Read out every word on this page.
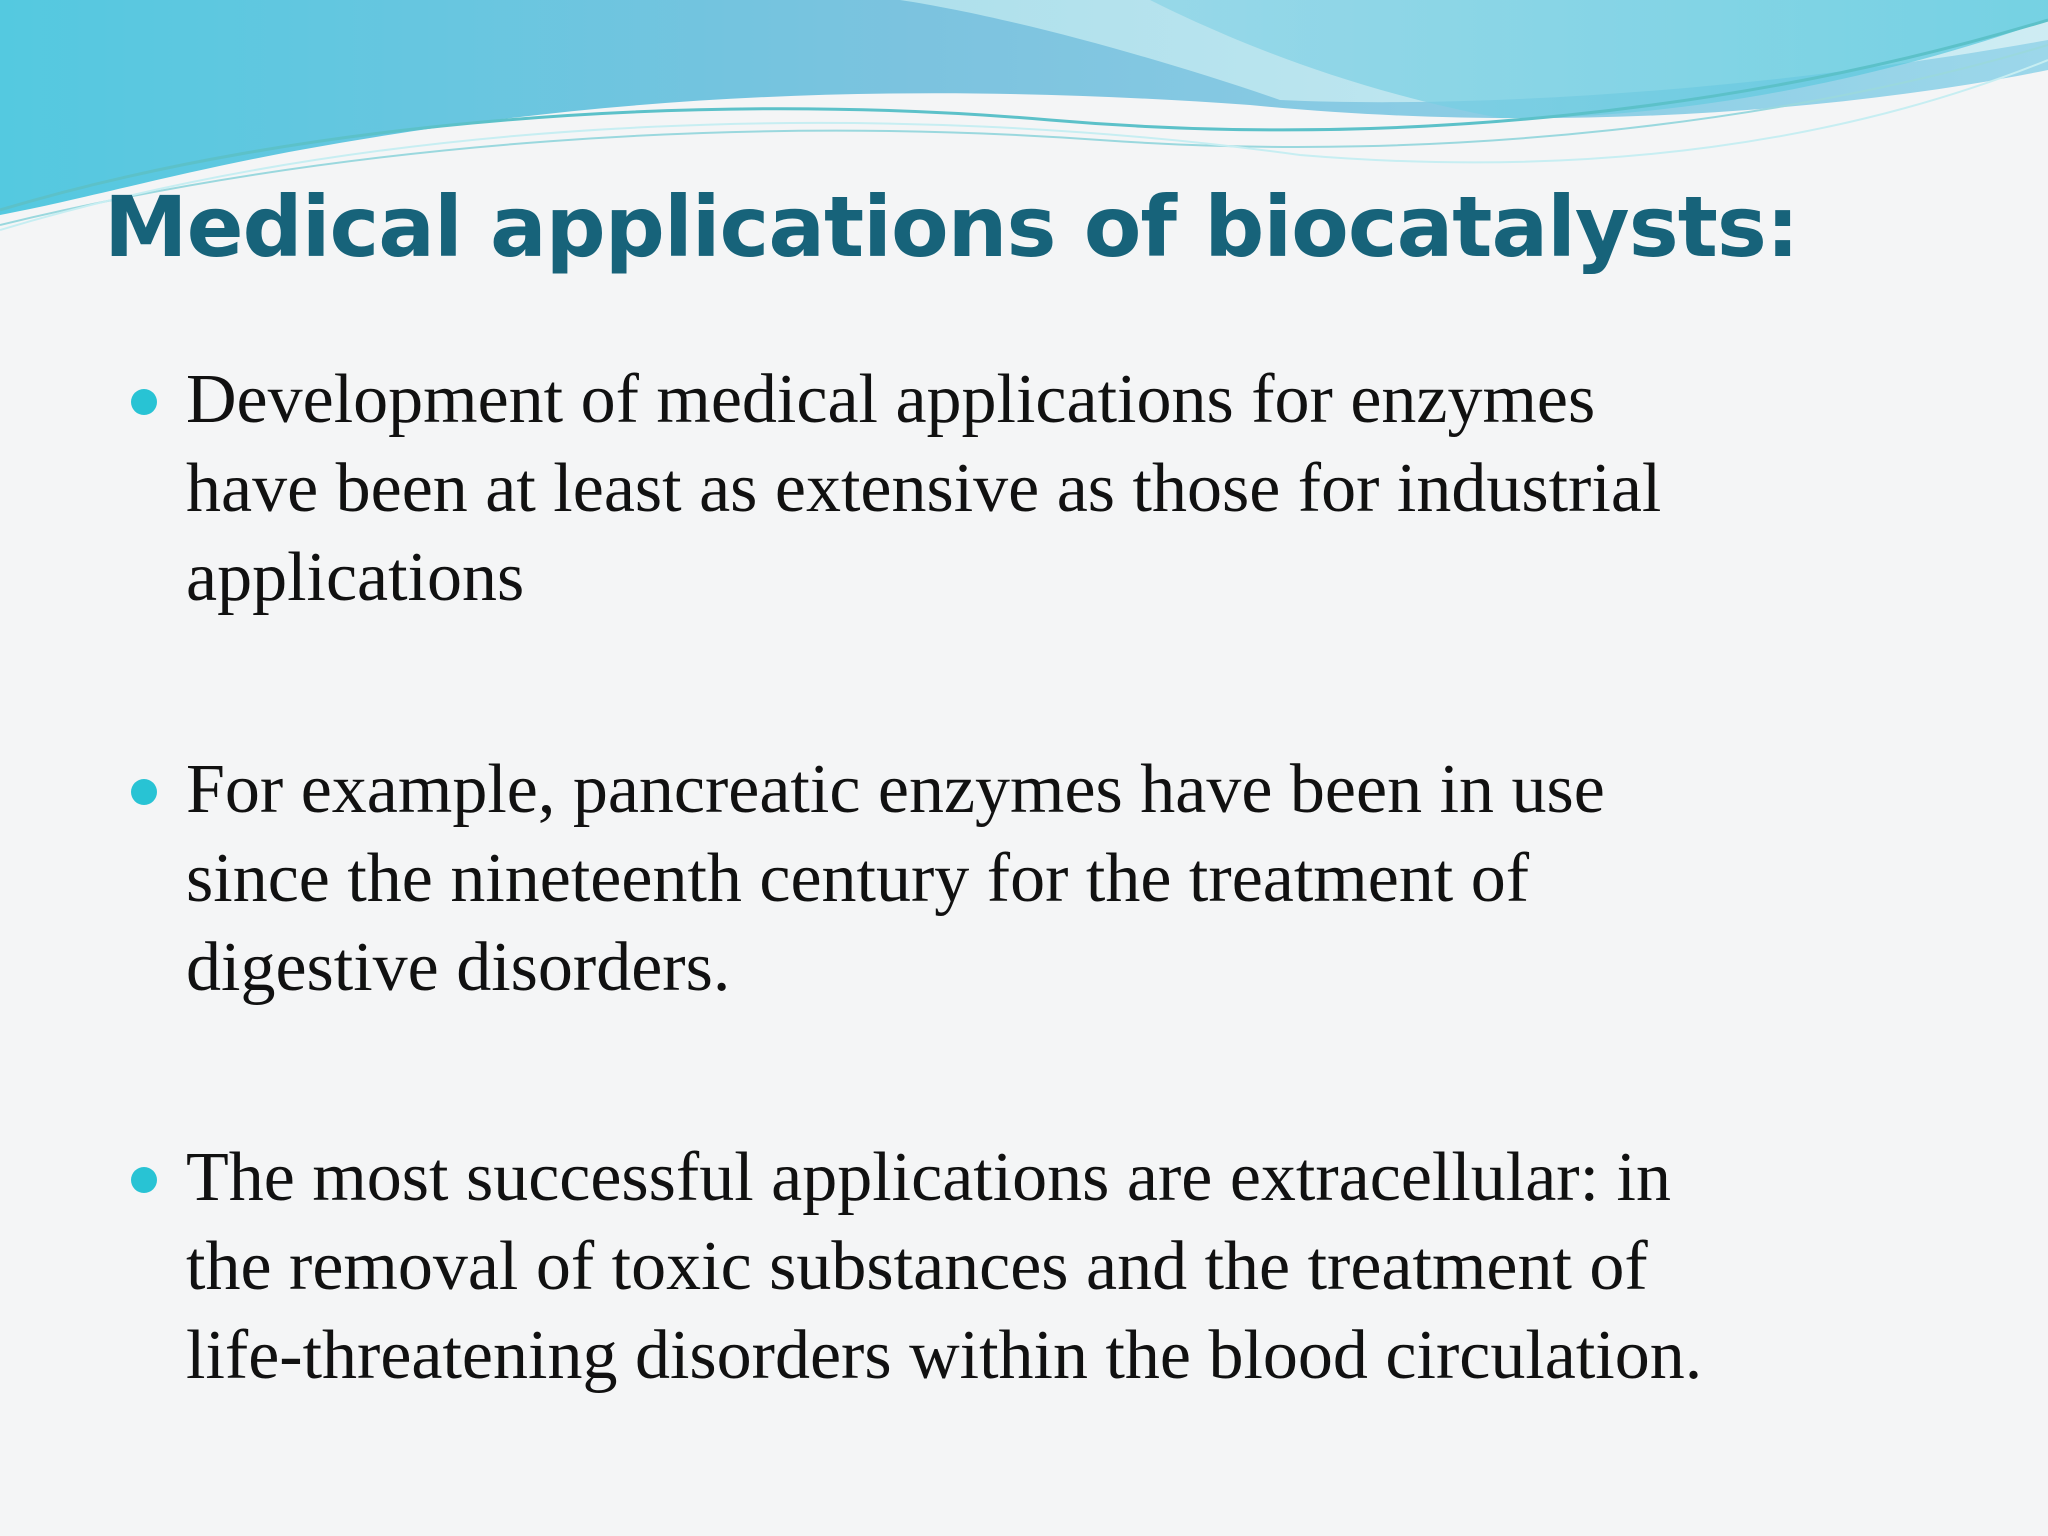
Medical applications of biocatalysts:
Development of medical applications for enzymes
have been at least as extensive as those for industrial
applications
For example, pancreatic enzymes have been in use
since the nineteenth century for the treatment of
digestive disorders.
The most successful applications are extracellular: in
the removal of toxic substances and the treatment of
life-threatening disorders within the blood circulation.
